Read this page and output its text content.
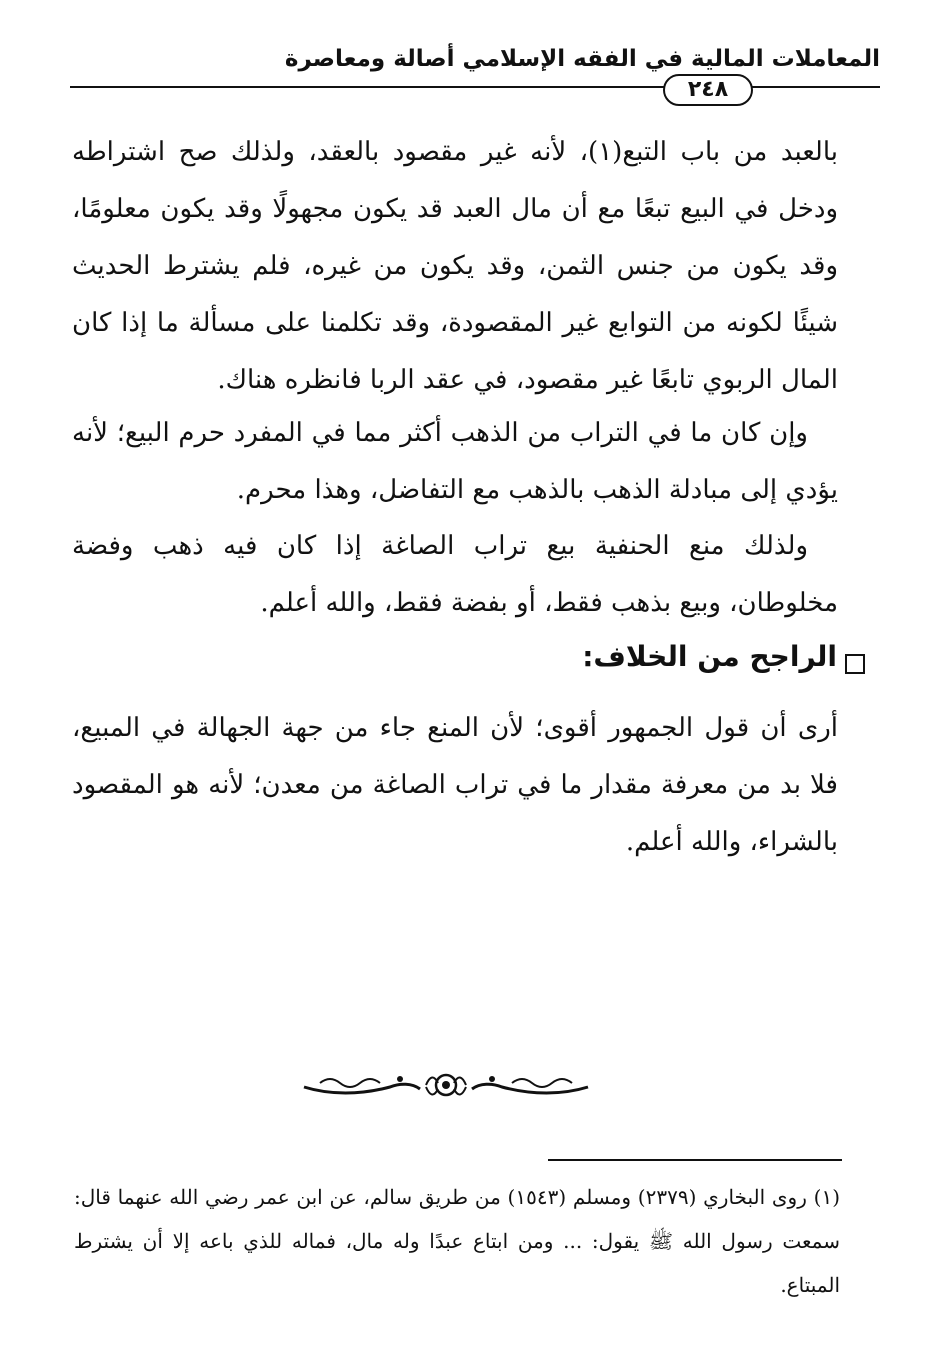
المعاملات المالية في الفقه الإسلامي أصالة ومعاصرة
٢٤٨
بالعبد من باب التبع(١)، لأنه غير مقصود بالعقد، ولذلك صح اشتراطه ودخل في البيع تبعًا مع أن مال العبد قد يكون مجهولًا وقد يكون معلومًا، وقد يكون من جنس الثمن، وقد يكون من غيره، فلم يشترط الحديث شيئًا لكونه من التوابع غير المقصودة، وقد تكلمنا على مسألة ما إذا كان المال الربوي تابعًا غير مقصود، في عقد الربا فانظره هناك.
وإن كان ما في التراب من الذهب أكثر مما في المفرد حرم البيع؛ لأنه يؤدي إلى مبادلة الذهب بالذهب مع التفاضل، وهذا محرم.
ولذلك منع الحنفية بيع تراب الصاغة إذا كان فيه ذهب وفضة مخلوطان، وبيع بذهب فقط، أو بفضة فقط، والله أعلم.
الراجح من الخلاف:
أرى أن قول الجمهور أقوى؛ لأن المنع جاء من جهة الجهالة في المبيع، فلا بد من معرفة مقدار ما في تراب الصاغة من معدن؛ لأنه هو المقصود بالشراء، والله أعلم.
(١) روى البخاري (٢٣٧٩) ومسلم (١٥٤٣) من طريق سالم، عن ابن عمر رضي الله عنهما قال: سمعت رسول الله ﷺ يقول: ... ومن ابتاع عبدًا وله مال، فماله للذي باعه إلا أن يشترط المبتاع.
